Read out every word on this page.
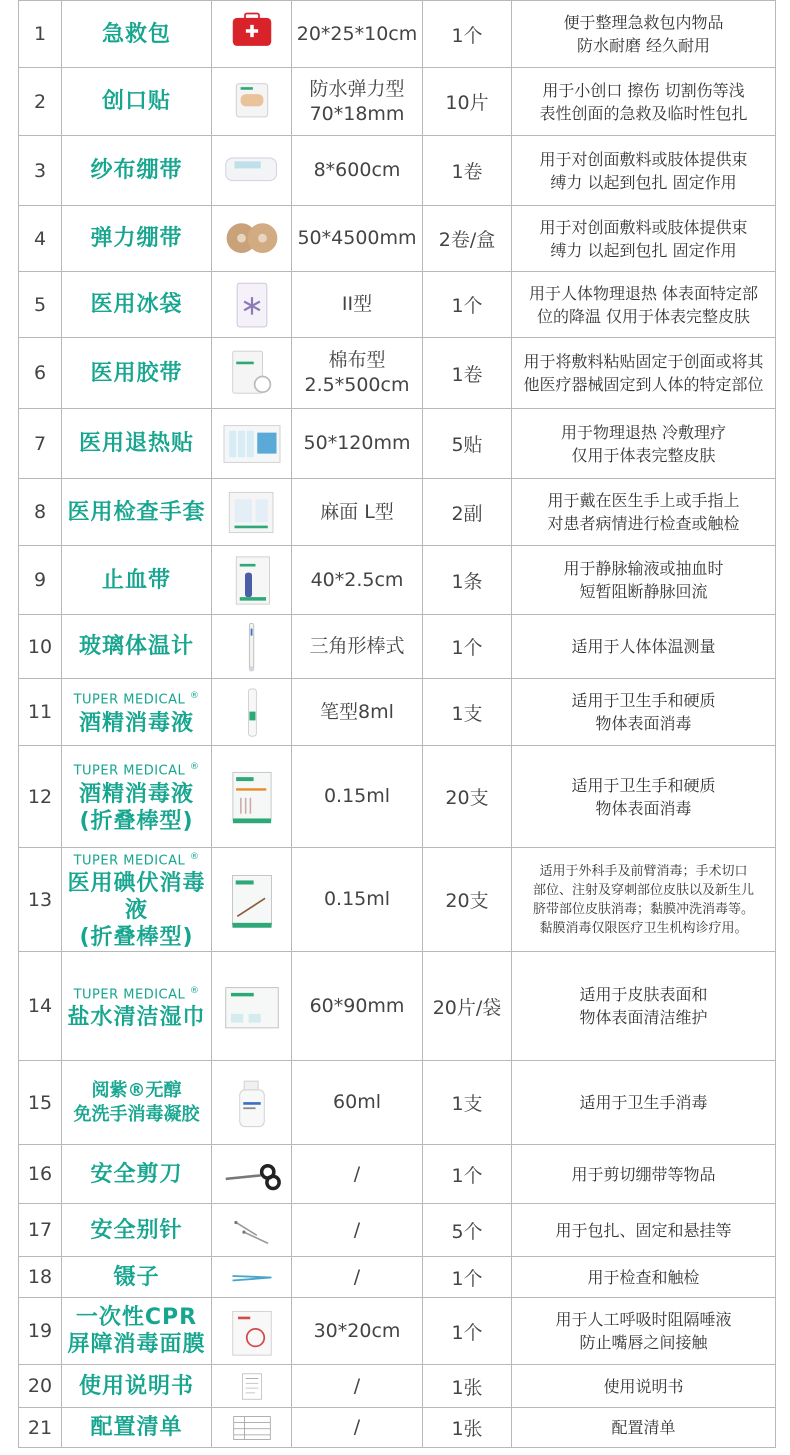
1	急救包		20*25*10cm	1个	便于整理急救包内物品
防水耐磨 经久耐用

2	创口贴		防水弹力型
70*18mm	10片	用于小创口 擦伤 切割伤等浅
表性创面的急救及临时性包扎

3	纱布绷带		8*600cm	1卷	用于对创面敷料或肢体提供束
缚力 以起到包扎 固定作用

4	弹力绷带		50*4500mm	2卷/盒	用于对创面敷料或肢体提供束
缚力 以起到包扎 固定作用

5	医用冰袋		II型	1个	用于人体物理退热 体表面特定部
位的降温 仅用于体表完整皮肤

6	医用胶带		棉布型
2.5*500cm	1卷	用于将敷料粘贴固定于创面或将其
他医疗器械固定到人体的特定部位

7	医用退热贴		50*120mm	5贴	用于物理退热 冷敷理疗
仅用于体表完整皮肤

8	医用检查手套		麻面 L型	2副	用于戴在医生手上或手指上
对患者病情进行检查或触检

9	止血带		40*2.5cm	1条	用于静脉输液或抽血时
短暂阻断静脉回流

10	玻璃体温计		三角形棒式	1个	适用于人体体温测量

11	TUPER MEDICAL ®
酒精消毒液		笔型8ml	1支	适用于卫生手和硬质
物体表面消毒

12	TUPER MEDICAL ®
酒精消毒液
(折叠棒型)		0.15ml	20支	适用于卫生手和硬质
物体表面消毒

13	TUPER MEDICAL ®
医用碘伏消毒液
(折叠棒型)		0.15ml	20支	适用于外科手及前臂消毒；手术切口
部位、注射及穿刺部位皮肤以及新生儿
脐带部位皮肤消毒；黏膜冲洗消毒等。
黏膜消毒仅限医疗卫生机构诊疗用。

14	TUPER MEDICAL ®
盐水清洁湿巾		60*90mm	20片/袋	适用于皮肤表面和
物体表面清洁维护

15	阅紫®无醇
免洗手消毒凝胶		60ml	1支	适用于卫生手消毒

16	安全剪刀		/	1个	用于剪切绷带等物品

17	安全别针		/	5个	用于包扎、固定和悬挂等

18	镊子		/	1个	用于检查和触检

19	一次性CPR
屏障消毒面膜		30*20cm	1个	用于人工呼吸时阻隔唾液
防止嘴唇之间接触

20	使用说明书		/	1张	使用说明书

21	配置清单		/	1张	配置清单
